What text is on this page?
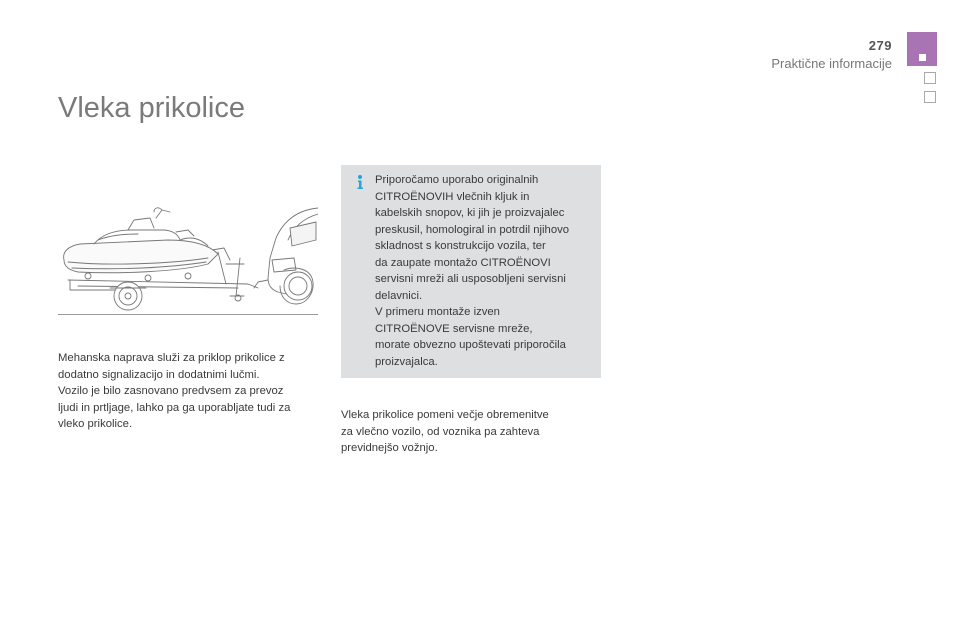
279
Praktične informacije
Vleka prikolice

Mehanska naprava služi za priklop prikolice z
dodatno signalizacijo in dodatnimi lučmi.
Vozilo je bilo zasnovano predvsem za prevoz
ljudi in prtljage, lahko pa ga uporabljate tudi za
vleko prikolice.

Priporočamo uporabo originalnih
CITROËNOVIH vlečnih kljuk in
kabelskih snopov, ki jih je proizvajalec
preskusil, homologiral in potrdil njihovo
skladnost s konstrukcijo vozila, ter
da zaupate montažo CITROËNOVI
servisni mreži ali usposobljeni servisni
delavnici.
V primeru montaže izven
CITROËNOVE servisne mreže,
morate obvezno upoštevati priporočila
proizvajalca.

Vleka prikolice pomeni večje obremenitve
za vlečno vozilo, od voznika pa zahteva
previdnejšo vožnjo.
